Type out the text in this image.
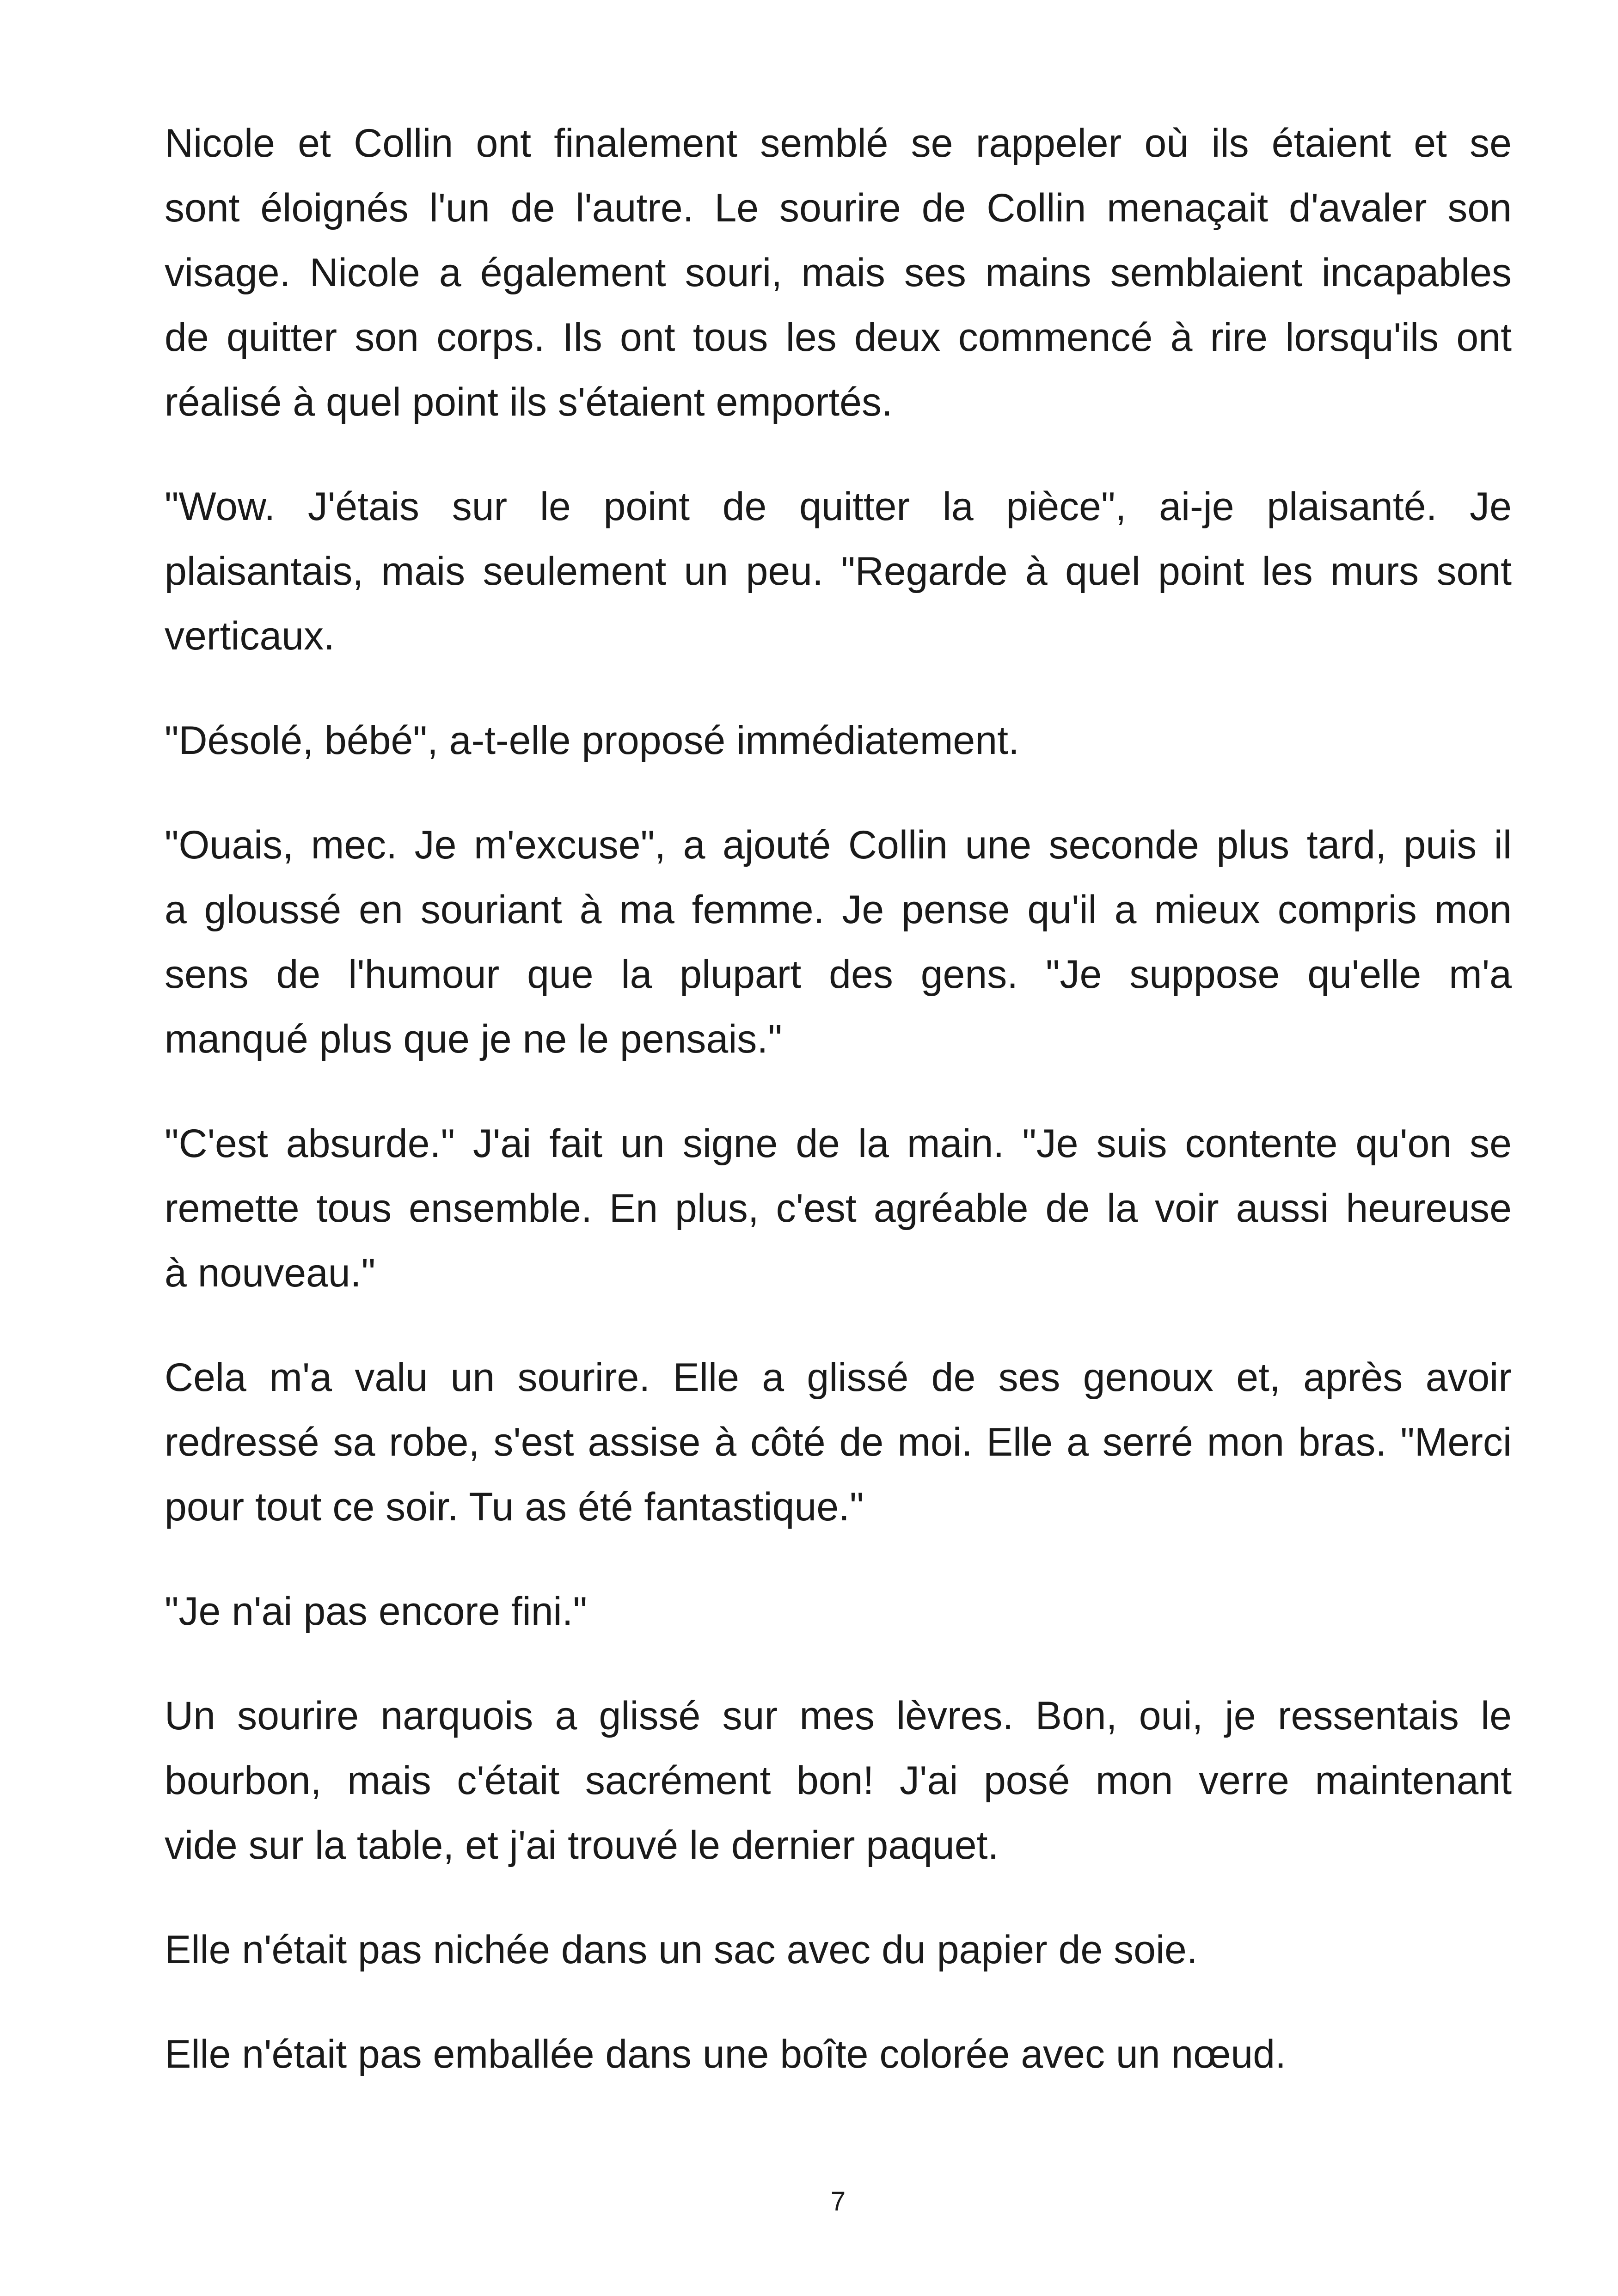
Nicole et Collin ont finalement semblé se rappeler où ils étaient et se
sont éloignés l'un de l'autre. Le sourire de Collin menaçait d'avaler son
visage. Nicole a également souri, mais ses mains semblaient incapables
de quitter son corps. Ils ont tous les deux commencé à rire lorsqu'ils ont
réalisé à quel point ils s'étaient emportés.
"Wow. J'étais sur le point de quitter la pièce", ai-je plaisanté. Je
plaisantais, mais seulement un peu. "Regarde à quel point les murs sont
verticaux.
"Désolé, bébé", a-t-elle proposé immédiatement.
"Ouais, mec. Je m'excuse", a ajouté Collin une seconde plus tard, puis il
a gloussé en souriant à ma femme. Je pense qu'il a mieux compris mon
sens de l'humour que la plupart des gens. "Je suppose qu'elle m'a
manqué plus que je ne le pensais."
"C'est absurde." J'ai fait un signe de la main. "Je suis contente qu'on se
remette tous ensemble. En plus, c'est agréable de la voir aussi heureuse
à nouveau."
Cela m'a valu un sourire. Elle a glissé de ses genoux et, après avoir
redressé sa robe, s'est assise à côté de moi. Elle a serré mon bras. "Merci
pour tout ce soir. Tu as été fantastique."
"Je n'ai pas encore fini."
Un sourire narquois a glissé sur mes lèvres. Bon, oui, je ressentais le
bourbon, mais c'était sacrément bon! J'ai posé mon verre maintenant
vide sur la table, et j'ai trouvé le dernier paquet.
Elle n'était pas nichée dans un sac avec du papier de soie.
Elle n'était pas emballée dans une boîte colorée avec un nœud.
7
